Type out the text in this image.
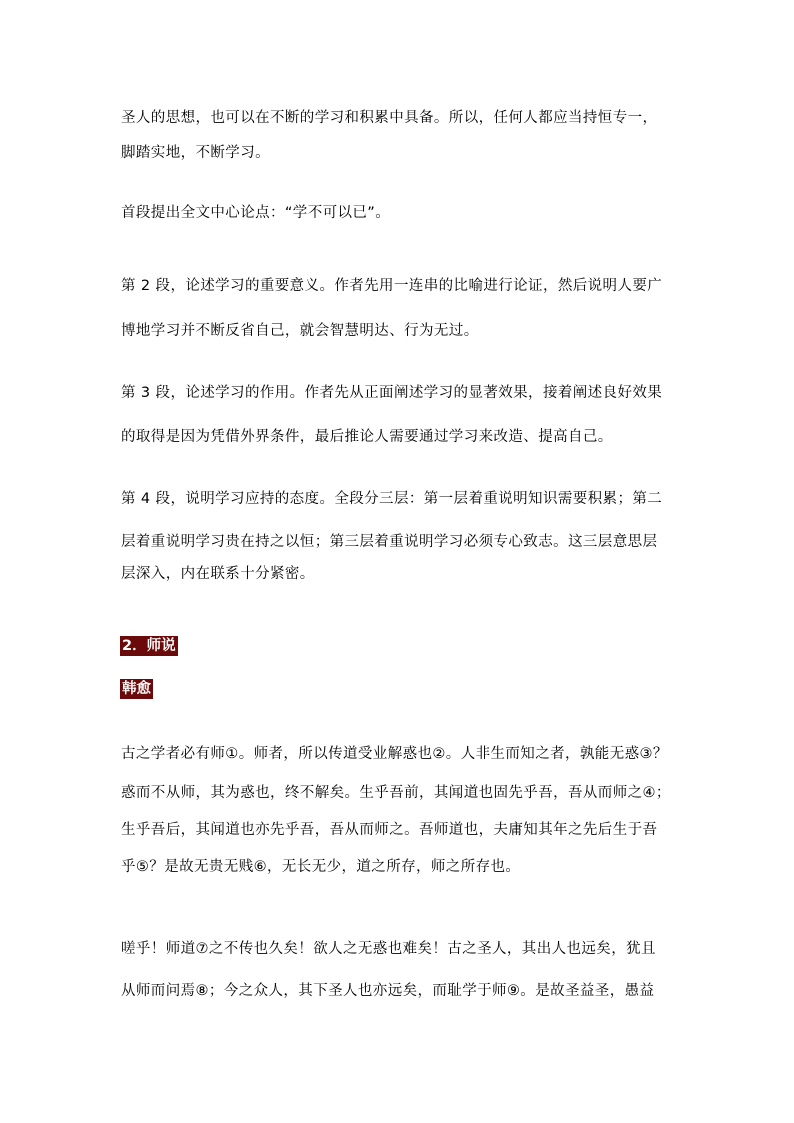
圣人的思想，也可以在不断的学习和积累中具备。所以，任何人都应当持恒专一，
脚踏实地，不断学习。
首段提出全文中心论点：“学不可以已”。
第 2 段，论述学习的重要意义。作者先用一连串的比喻进行论证，然后说明人要广
博地学习并不断反省自己，就会智慧明达、行为无过。
第 3 段，论述学习的作用。作者先从正面阐述学习的显著效果，接着阐述良好效果
的取得是因为凭借外界条件，最后推论人需要通过学习来改造、提高自己。
第 4 段，说明学习应持的态度。全段分三层：第一层着重说明知识需要积累；第二
层着重说明学习贵在持之以恒；第三层着重说明学习必须专心致志。这三层意思层
层深入，内在联系十分紧密。
2．师说
韩愈
古之学者必有师①。师者，所以传道受业解惑也②。人非生而知之者，孰能无惑③？
惑而不从师，其为惑也，终不解矣。生乎吾前，其闻道也固先乎吾，吾从而师之④；
生乎吾后，其闻道也亦先乎吾，吾从而师之。吾师道也，夫庸知其年之先后生于吾
乎⑤？是故无贵无贱⑥，无长无少，道之所存，师之所存也。
嗟乎！师道⑦之不传也久矣！欲人之无惑也难矣！古之圣人，其出人也远矣，犹且
从师而问焉⑧；今之众人，其下圣人也亦远矣，而耻学于师⑨。是故圣益圣，愚益
